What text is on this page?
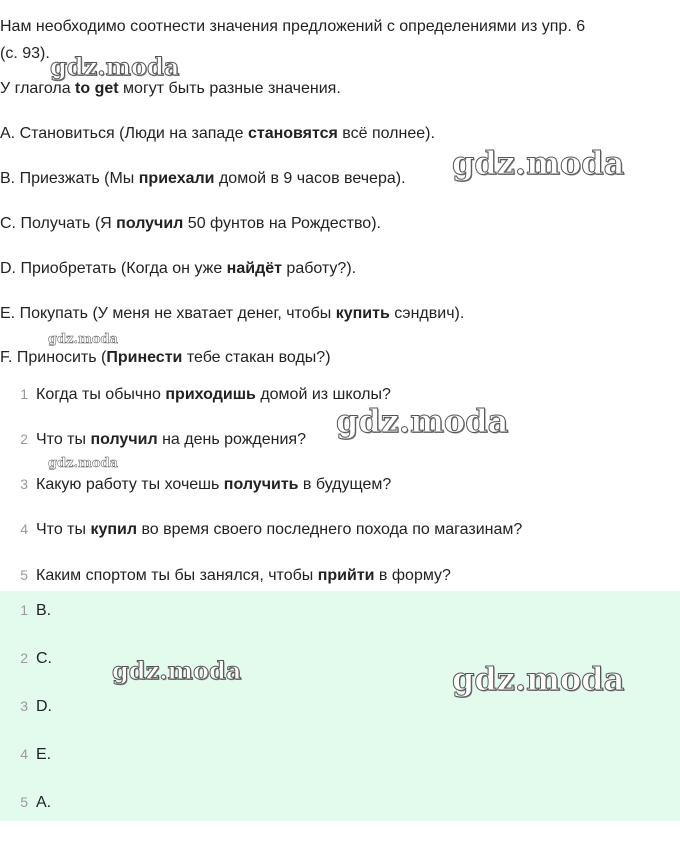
Нам необходимо соотнести значения предложений с определениями из упр. 6
(с. 93).
У глагола to get могут быть разные значения.
A. Становиться (Люди на западе становятся всё полнее).
B. Приезжать (Мы приехали домой в 9 часов вечера).
C. Получать (Я получил 50 фунтов на Рождество).
D. Приобретать (Когда он уже найдёт работу?).
E. Покупать (У меня не хватает денег, чтобы купить сэндвич).
F. Приносить (Принести тебе стакан воды?)
1 Когда ты обычно приходишь домой из школы?
2 Что ты получил на день рождения?
3 Какую работу ты хочешь получить в будущем?
4 Что ты купил во время своего последнего похода по магазинам?
5 Каким спортом ты бы занялся, чтобы прийти в форму?
1 B.
2 C.
3 D.
4 E.
5 A.
gdz.moda
gdz.moda
gdz.moda
gdz.moda
gdz.moda
gdz.moda	gdz.moda
